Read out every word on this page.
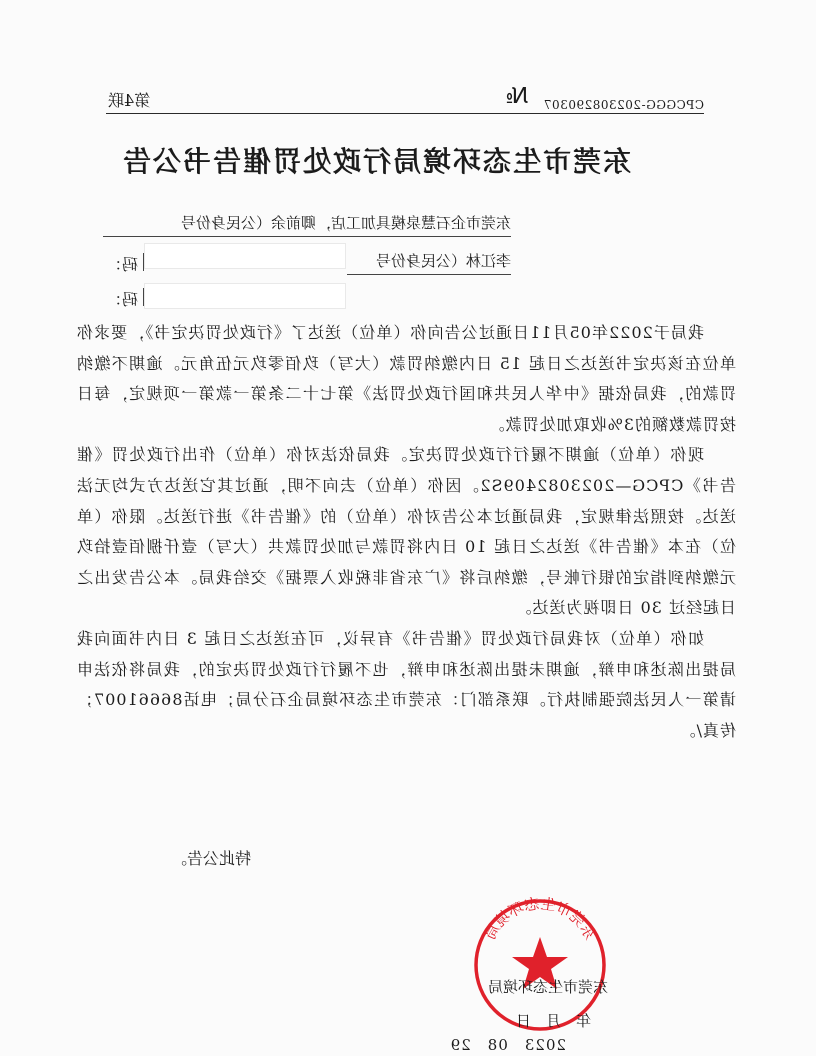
第4联	№ CPCGGG-202308290307
东莞市生态环境局行政处罚催告书公告
东莞市企石慧泉模具加工店，卿前余（公民身份号
李江林（公民身份号
码：
码：

我局于2022年05月11日通过公告向你（单位）送达了《行政处罚决定书》，要求你单位在该决定书送达之日起 15 日内缴纳罚款（大写）玖佰零玖元伍角元。逾期不缴纳罚款的，我局依据《中华人民共和国行政处罚法》第七十二条第一款第一项规定，每日按罚款数额的3%收取加处罚款。

现你（单位）逾期不履行行政处罚决定。我局依法对你（单位）作出行政处罚《催告书》CPCG—2023082409S2。因你（单位）去向不明，通过其它送达方式均无法送达。按照法律规定，我局通过本公告对你（单位）的《催告书》进行送达。限你（单位）在本《催告书》送达之日起 10 日内将罚款与加处罚款共（大写）壹仟捌佰壹拾玖元缴纳到指定的银行帐号，缴纳后将《广东省非税收入票据》交给我局。本公告发出之日起经过 30 日即视为送达。

如你（单位）对我局行政处罚《催告书》有异议，可在送达之日起 3 日内书面向我局提出陈述和申辩，逾期未提出陈述和申辩，也不履行行政处罚决定的，我局将依法申请第一人民法院强制执行。联系部门：东莞市生态环境局企石分局；电话86661007；传真/。

特此公告。
东莞市生态环境局
东莞市生态环境局
年　月　日
2023　08　29
